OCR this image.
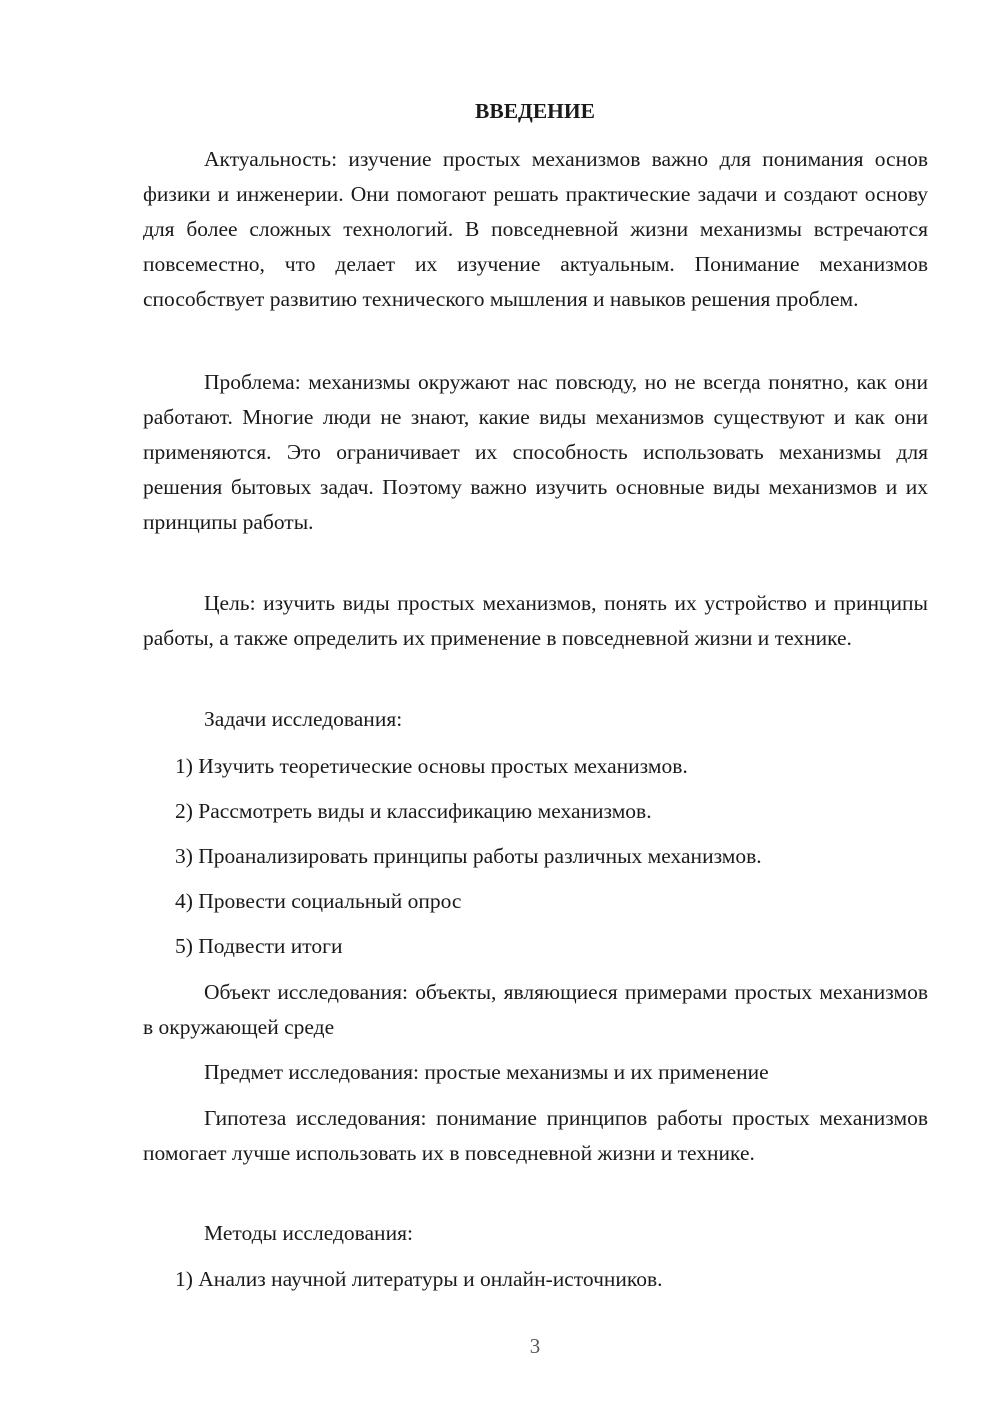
ВВЕДЕНИЕ

Актуальность: изучение простых механизмов важно для понимания основ физики и инженерии. Они помогают решать практические задачи и создают основу для более сложных технологий. В повседневной жизни механизмы встречаются повсеместно, что делает их изучение актуальным. Понимание механизмов способствует развитию технического мышления и навыков решения проблем.

Проблема: механизмы окружают нас повсюду, но не всегда понятно, как они работают. Многие люди не знают, какие виды механизмов существуют и как они применяются. Это ограничивает их способность использовать механизмы для решения бытовых задач. Поэтому важно изучить основные виды механизмов и их принципы работы.

Цель: изучить виды простых механизмов, понять их устройство и принципы работы, а также определить их применение в повседневной жизни и технике.

Задачи исследования:

1) Изучить теоретические основы простых механизмов.

2) Рассмотреть виды и классификацию механизмов.

3) Проанализировать принципы работы различных механизмов.

4) Провести социальный опрос

5) Подвести итоги

Объект исследования: объекты, являющиеся примерами простых механизмов в окружающей среде

Предмет исследования: простые механизмы и их применение

Гипотеза исследования: понимание принципов работы простых механизмов помогает лучше использовать их в повседневной жизни и технике.

Методы исследования:

1) Анализ научной литературы и онлайн-источников.

3
